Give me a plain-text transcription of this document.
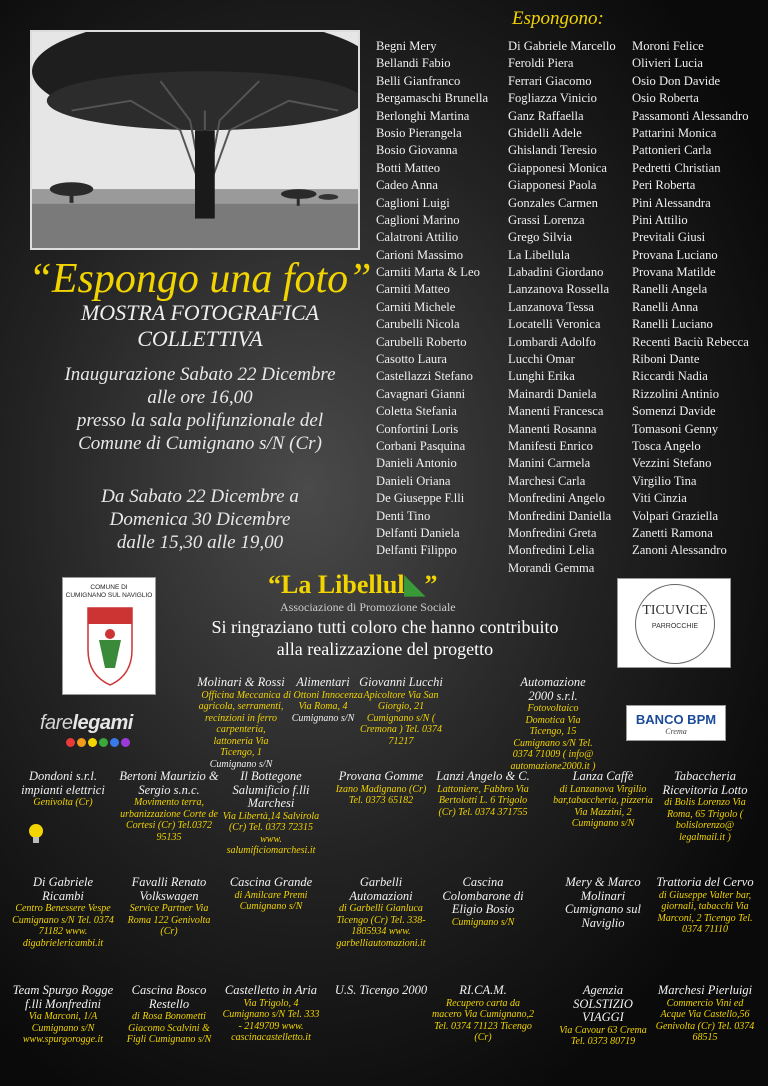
“Espongo una foto”
MOSTRA FOTOGRAFICA
COLLETTIVA
Inaugurazione Sabato 22 Dicembre
alle ore 16,00
presso la sala polifunzionale del
Comune di Cumignano s/N (Cr)
Da Sabato 22 Dicembre a
Domenica 30 Dicembre
dalle 15,30 alle 19,00
Espongono:
Begni Mery
Bellandi Fabio
Belli Gianfranco
Bergamaschi Brunella
Berlonghi Martina
Bosio Pierangela
Bosio Giovanna
Botti Matteo
Cadeo Anna
Caglioni Luigi
Caglioni Marino
Calatroni Attilio
Carioni Massimo
Carniti Marta & Leo
Carniti Matteo
Carniti Michele
Carubelli Nicola
Carubelli Roberto
Casotto Laura
Castellazzi Stefano
Cavagnari Gianni
Coletta Stefania
Confortini Loris
Corbani Pasquina
Danieli Antonio
Danieli Oriana
De Giuseppe F.lli
Denti Tino
Delfanti Daniela
Delfanti Filippo
Di Gabriele Marcello
Feroldi Piera
Ferrari Giacomo
Fogliazza Vinicio
Ganz Raffaella
Ghidelli Adele
Ghislandi Teresio
Giapponesi Monica
Giapponesi Paola
Gonzales Carmen
Grassi Lorenza
Grego Silvia
La Libellula
Labadini Giordano
Lanzanova Rossella
Lanzanova Tessa
Locatelli Veronica
Lombardi Adolfo
Lucchi Omar
Lunghi Erika
Mainardi Daniela
Manenti Francesca
Manenti Rosanna
Manifesti Enrico
Manini Carmela
Marchesi Carla
Monfredini Angelo
Monfredini Daniella
Monfredini Greta
Monfredini Lelia
Morandi Gemma
Moroni Felice
Olivieri Lucia
Osio Don Davide
Osio Roberta
Passamonti Alessandro
Pattarini Monica
Pattonieri Carla
Pedretti Christian
Peri Roberta
Pini Alessandra
Pini Attilio
Previtali Giusi
Provana Luciano
Provana Matilde
Ranelli Angela
Ranelli Anna
Ranelli Luciano
Recenti Baciù Rebecca
Riboni Dante
Riccardi Nadia
Rizzolini Antinio
Somenzi Davide
Tomasoni Genny
Tosca Angelo
Vezzini Stefano
Virgilio Tina
Viti Cinzia
Volpari Graziella
Zanetti Ramona
Zanoni Alessandro
COMUNE DI
CUMIGNANO SUL NAVIGLIO
farelegami
“La Libellul◣”
Associazione di Promozione Sociale
Si ringraziano tutti coloro che hanno contribuito
alla realizzazione del progetto
TICUVICE
PARROCCHIE
BANCO BPM
Crema
Molinari & Rossi
Officina Meccanica agricola, serramenti, recinzioni in ferro carpenteria, lattoneria Via Ticengo, 1
Cumignano s/N
Alimentari
di Ottoni Innocenza Via Roma, 4
Cumignano s/N
Giovanni Lucchi
Apicoltore Via San Giorgio, 21 Cumignano s/N ( Cremona ) Tel. 0374 71217
Automazione 2000 s.r.l.
Fotovoltaico Domotica Via Ticengo, 15 Cumignano s/N Tel. 0374 71009 ( info@ automazione2000.it )
Dondoni s.r.l. impianti elettrici
Genivolta (Cr)
Bertoni Maurizio & Sergio s.n.c.
Movimento terra, urbanizzazione Corte de Cortesi (Cr) Tel.0372 95135
Il Bottegone Salumificio f.lli Marchesi
Via Libertà,14 Salvirola (Cr) Tel. 0373 72315 www. salumificiomarchesi.it
Provana Gomme
Izano Madignano (Cr) Tel. 0373 65182
Lanzi Angelo & C.
Lattoniere, Fabbro Via Bertolotti L. 6 Trigolo (Cr) Tel. 0374 371755
Lanza Caffè
di Lanzanova Virgilio bar,tabaccheria, pizzeria Via Mazzini, 2 Cumignano s/N
Tabaccheria Ricevitoria Lotto
di Bolis Lorenzo Via Roma, 65 Trigolo ( bolislorenzo@ legalmail.it )
Di Gabriele Ricambi
Centro Benessere Vespe Cumignano s/N Tel. 0374 71182 www. digabrielericambi.it
Favalli Renato Volkswagen
Service Partner Via Roma 122 Genivolta (Cr)
Cascina Grande
di Amilcare Premi Cumignano s/N
Garbelli Automazioni
di Garbelli Gianluca Ticengo (Cr) Tel. 338-1805934 www. garbelliautomazioni.it
Cascina Colombarone di Eligio Bosio
Cumignano s/N
Mery & Marco Molinari Cumignano sul Naviglio
Trattoria del Cervo
di Giuseppe Valter bar, giornali, tabacchi Via Marconi, 2 Ticengo Tel. 0374 71110
Team Spurgo Rogge f.lli Monfredini
Via Marconi, 1/A Cumignano s/N www.spurgorogge.it
Cascina Bosco Restello
di Rosa Bonometti Giacomo Scalvini & Figli Cumignano s/N
Castelletto in Aria
Via Trigolo, 4 Cumignano s/N Tel. 333 - 2149709 www. cascinacastelletto.it
U.S. Ticengo 2000	RI.CA.M.
Recupero carta da macero Via Cumignano,2 Tel. 0374 71123 Ticengo (Cr)
Agenzia SOLSTIZIO VIAGGI
Via Cavour 63 Crema Tel. 0373 80719
Marchesi Pierluigi
Commercio Vini ed Acque Via Castello,56 Genivolta (Cr) Tel. 0374 68515
